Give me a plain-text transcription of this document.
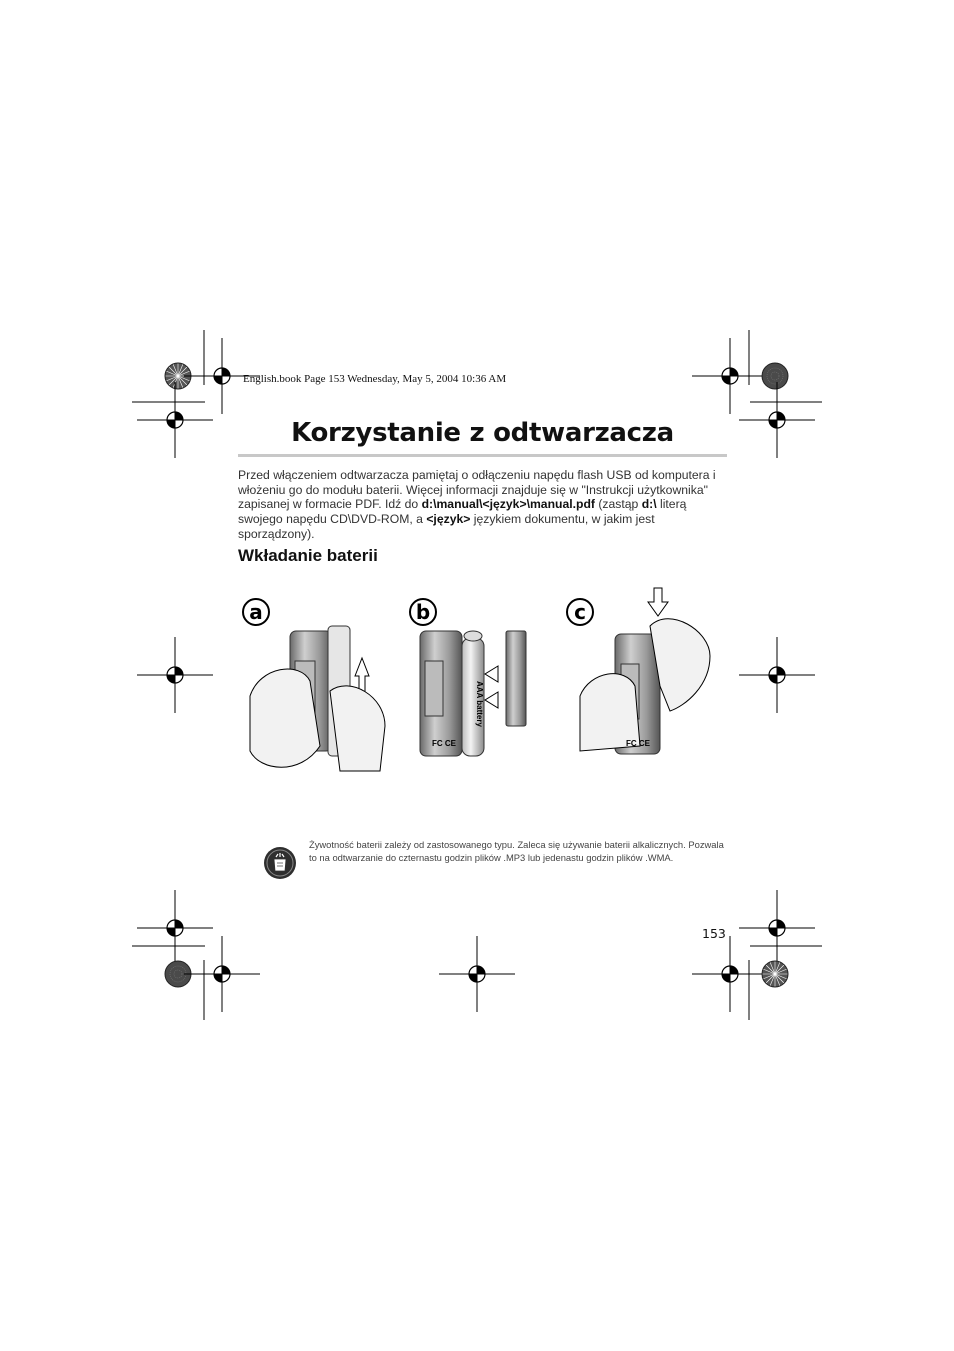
English.book Page 153 Wednesday, May 5, 2004 10:36 AM
Korzystanie z odtwarzacza
Przed włączeniem odtwarzacza pamiętaj o odłączeniu napędu flash USB od komputera i włożeniu go do modułu baterii. Więcej informacji znajduje się w "Instrukcji użytkownika" zapisanej w formacie PDF. Idź do d:\manual\<język>\manual.pdf (zastąp d:\ literą swojego napędu CD\DVD-ROM, a <język> językiem dokumentu, w jakim jest sporządzony).
Wkładanie baterii
a	b
AAA battery
FC CE
c
FC CE
Żywotność baterii zależy od zastosowanego typu. Zaleca się używanie baterii alkalicznych. Pozwala to na odtwarzanie do czternastu godzin plików .MP3 lub jedenastu godzin plików .WMA.
153
